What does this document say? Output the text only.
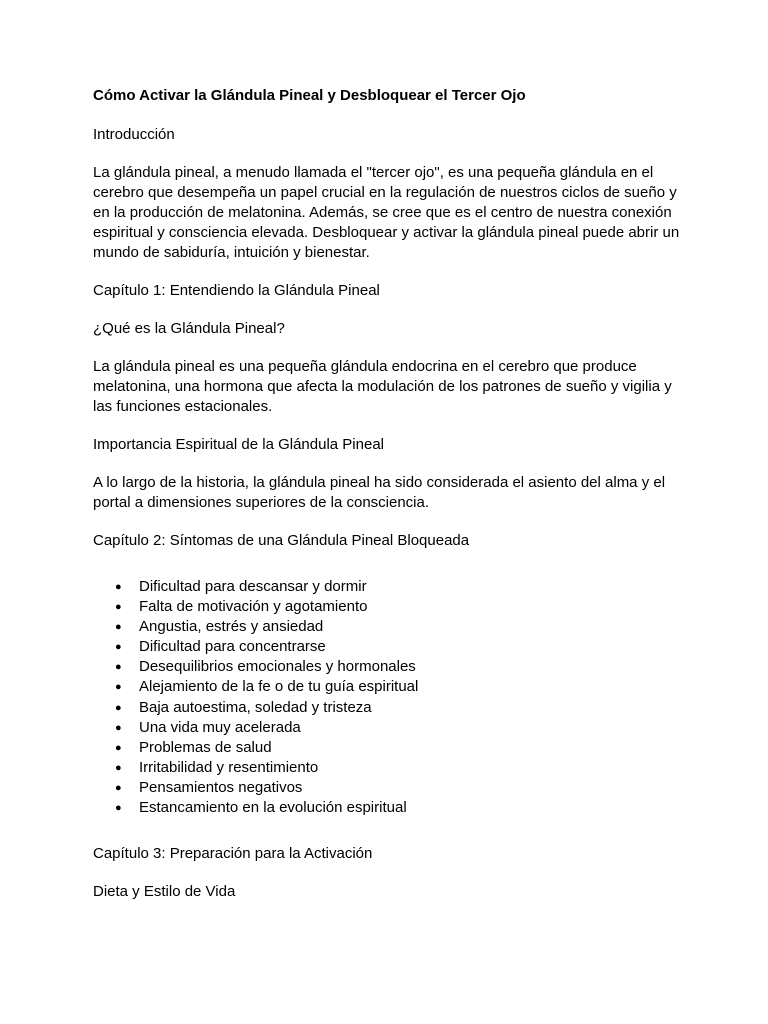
Cómo Activar la Glándula Pineal y Desbloquear el Tercer Ojo
Introducción
La glándula pineal, a menudo llamada el "tercer ojo", es una pequeña glándula en el cerebro que desempeña un papel crucial en la regulación de nuestros ciclos de sueño y en la producción de melatonina. Además, se cree que es el centro de nuestra conexión espiritual y consciencia elevada. Desbloquear y activar la glándula pineal puede abrir un mundo de sabiduría, intuición y bienestar.
Capítulo 1: Entendiendo la Glándula Pineal
¿Qué es la Glándula Pineal?
La glándula pineal es una pequeña glándula endocrina en el cerebro que produce melatonina, una hormona que afecta la modulación de los patrones de sueño y vigilia y las funciones estacionales.
Importancia Espiritual de la Glándula Pineal
A lo largo de la historia, la glándula pineal ha sido considerada el asiento del alma y el portal a dimensiones superiores de la consciencia.
Capítulo 2: Síntomas de una Glándula Pineal Bloqueada
● Dificultad para descansar y dormir
● Falta de motivación y agotamiento
● Angustia, estrés y ansiedad
● Dificultad para concentrarse
● Desequilibrios emocionales y hormonales
● Alejamiento de la fe o de tu guía espiritual
● Baja autoestima, soledad y tristeza
● Una vida muy acelerada
● Problemas de salud
● Irritabilidad y resentimiento
● Pensamientos negativos
● Estancamiento en la evolución espiritual
Capítulo 3: Preparación para la Activación
Dieta y Estilo de Vida
